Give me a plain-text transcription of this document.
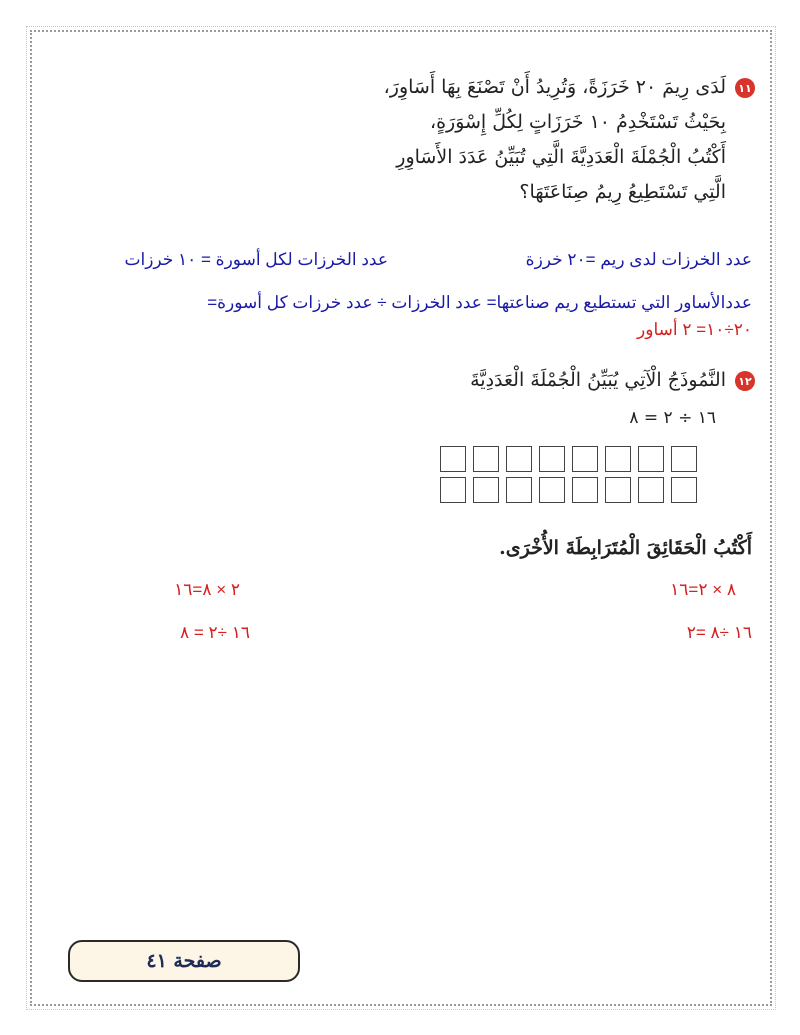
١١
لَدَى رِيمَ ٢٠ خَرَزَةً، وَتُرِيدُ أَنْ تَصْنَعَ بِهَا أَسَاوِرَ،
بِحَيْثُ تَسْتَخْدِمُ ١٠ خَرَزَاتٍ لِكُلِّ إِسْوَرَةٍ،
أَكْتُبُ الْجُمْلَةَ الْعَدَدِيَّةَ الَّتِي تُبَيِّنُ عَدَدَ الأَسَاوِرِ
الَّتِي تَسْتَطِيعُ رِيمُ صِنَاعَتَهَا؟
عدد الخرزات لدى ريم =٢٠ خرزة
عدد الخرزات لكل أسورة = ١٠ خرزات
عددالأساور التي تستطيع ريم صناعتها= عدد الخرزات ÷ عدد خرزات كل أسورة=
٢٠÷١٠= ٢ أساور
١٢
النَّمُوذَجُ الْآتِي يُبَيِّنُ الْجُمْلَةَ الْعَدَدِيَّةَ
١٦ ÷ ٢ = ٨
أَكْتُبُ الْحَقَائِقَ الْمُتَرَابِطَةَ الأُخْرَى.
٨ × ٢=١٦
٢ × ٨=١٦
١٦ ÷٨ =٢
١٦ ÷٢ = ٨
صفحة ٤١
